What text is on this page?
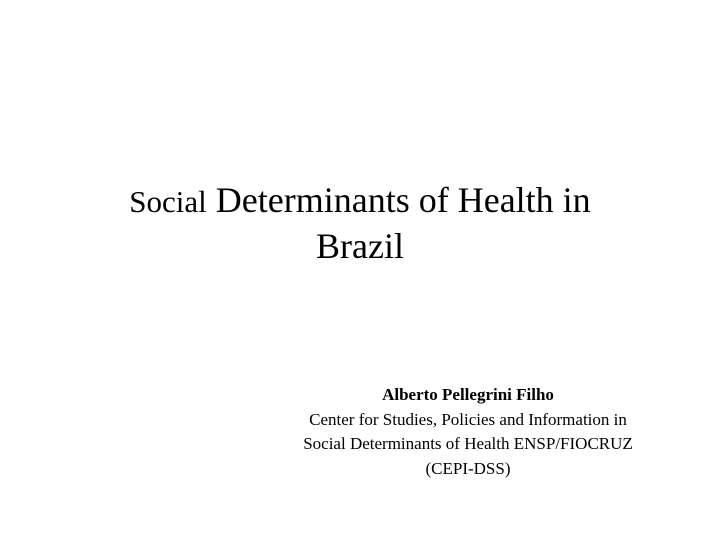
Social Determinants of Health in
Brazil
Alberto Pellegrini Filho
Center for Studies, Policies and Information in
Social Determinants of Health ENSP/FIOCRUZ
(CEPI-DSS)
